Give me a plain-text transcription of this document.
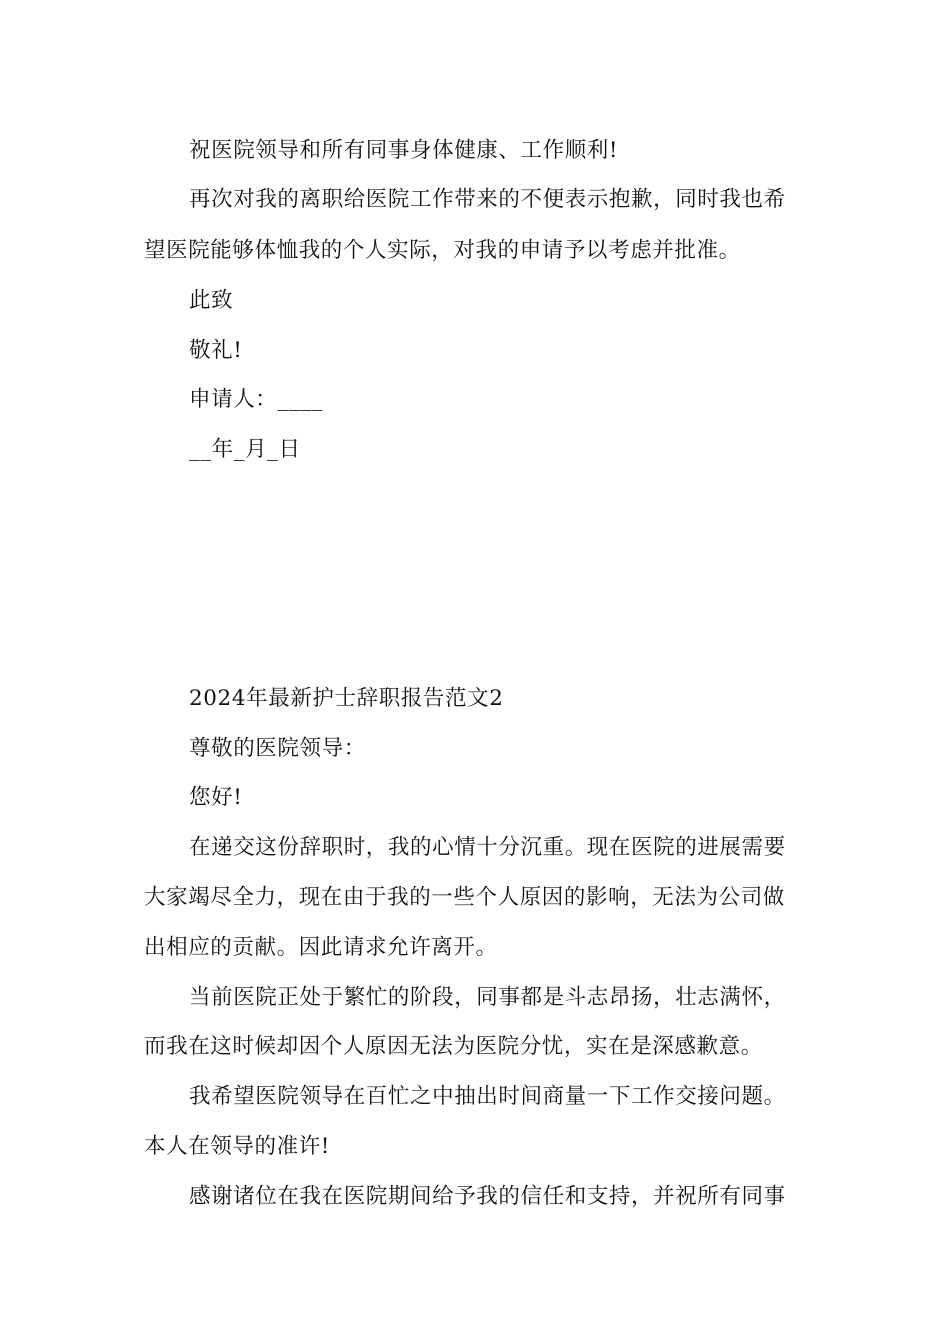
祝医院领导和所有同事身体健康、工作顺利!
再次对我的离职给医院工作带来的不便表示抱歉，同时我也希
望医院能够体恤我的个人实际，对我的申请予以考虑并批准。
此致
敬礼!
申请人：____
__年_月_日
2024年最新护士辞职报告范文2
尊敬的医院领导：
您好!
在递交这份辞职时，我的心情十分沉重。现在医院的进展需要
大家竭尽全力，现在由于我的一些个人原因的影响，无法为公司做
出相应的贡献。因此请求允许离开。
当前医院正处于繁忙的阶段，同事都是斗志昂扬，壮志满怀，
而我在这时候却因个人原因无法为医院分忧，实在是深感歉意。
我希望医院领导在百忙之中抽出时间商量一下工作交接问题。
本人在领导的准许!
感谢诸位在我在医院期间给予我的信任和支持，并祝所有同事
